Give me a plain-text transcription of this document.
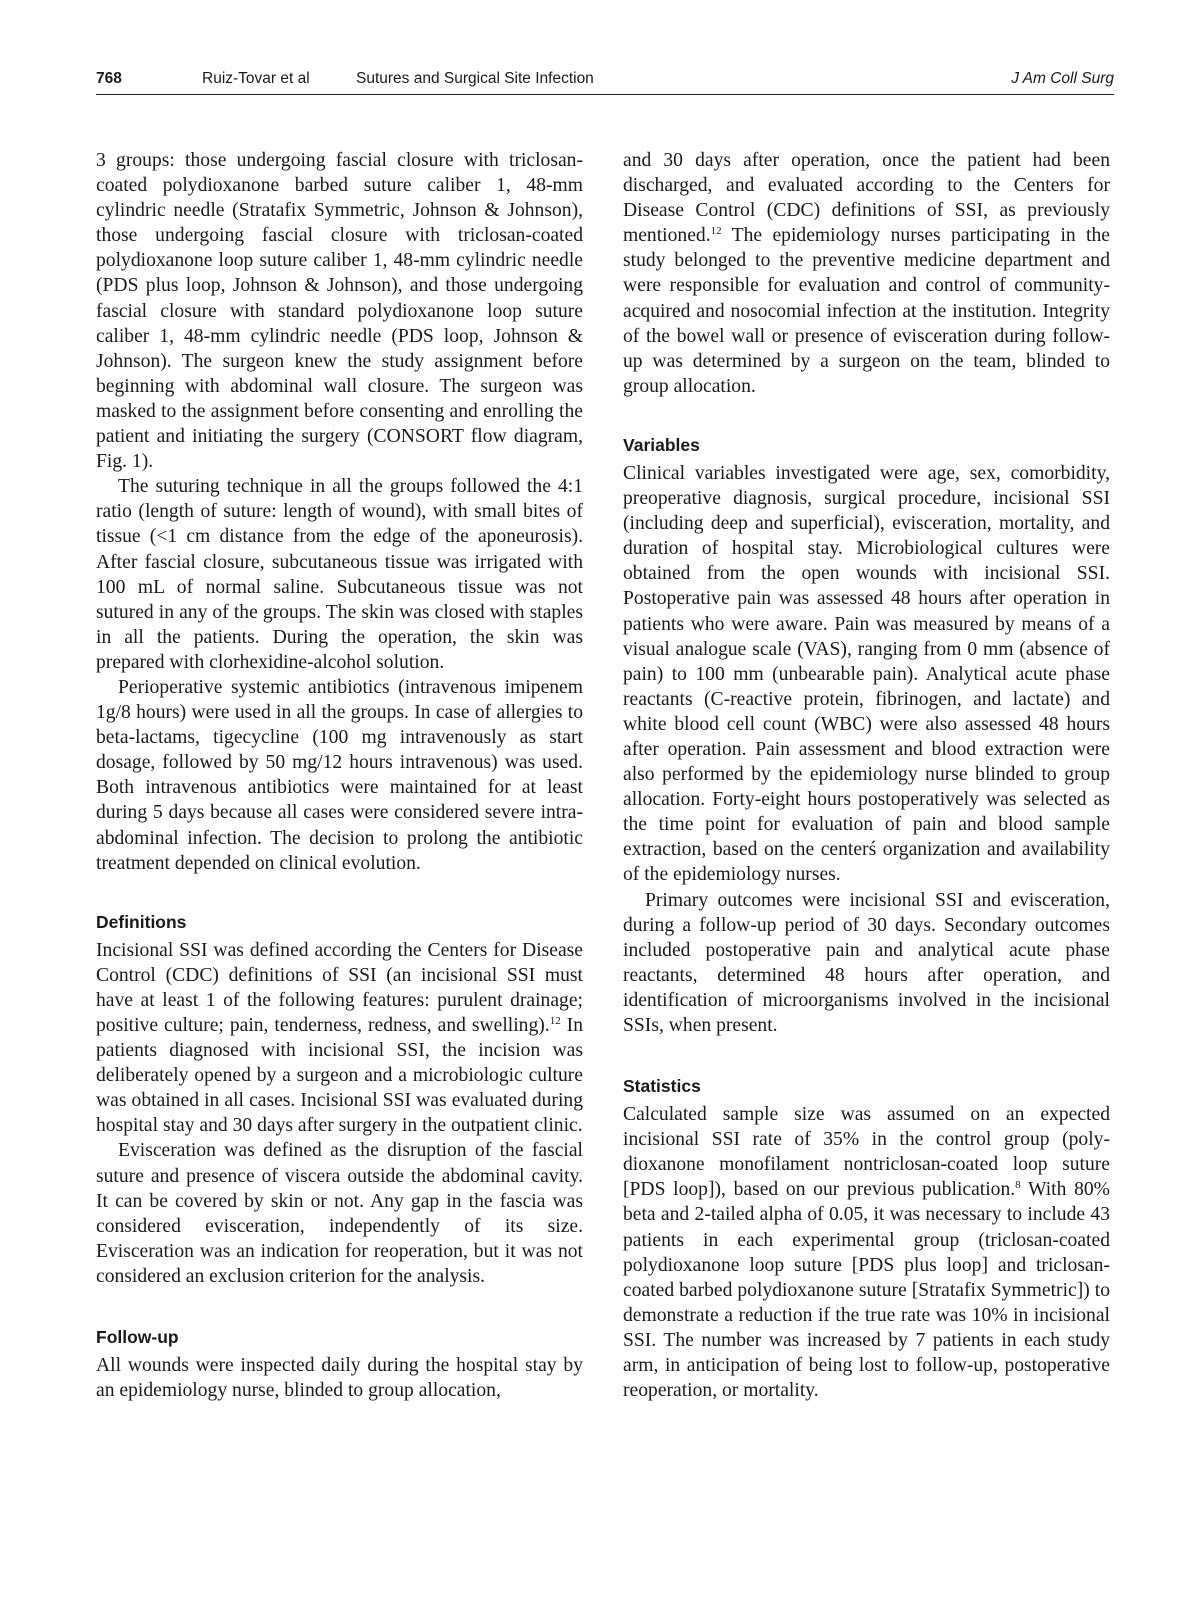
768	Ruiz-Tovar et al	Sutures and Surgical Site Infection	J Am Coll Surg

3 groups: those undergoing fascial closure with triclosan-coated polydioxanone barbed suture caliber 1, 48-mm cylindric needle (Stratafix Symmetric, Johnson & Johnson), those undergoing fascial closure with triclosan-coated polydioxanone loop suture caliber 1, 48-mm cylindric needle (PDS plus loop, Johnson & Johnson), and those undergoing fascial closure with standard polydioxanone loop suture caliber 1, 48-mm cylindric needle (PDS loop, Johnson & Johnson). The surgeon knew the study assignment before beginning with abdominal wall closure. The surgeon was masked to the assignment before consenting and enrolling the patient and initiating the surgery (CONSORT flow diagram, Fig. 1).

The suturing technique in all the groups followed the 4:1 ratio (length of suture: length of wound), with small bites of tissue (<1 cm distance from the edge of the aponeurosis). After fascial closure, subcutaneous tissue was irrigated with 100 mL of normal saline. Subcutaneous tissue was not sutured in any of the groups. The skin was closed with staples in all the patients. During the operation, the skin was prepared with clorhexidine-alcohol solution.

Perioperative systemic antibiotics (intravenous imipenem 1g/8 hours) were used in all the groups. In case of allergies to beta-lactams, tigecycline (100 mg intravenously as start dosage, followed by 50 mg/12 hours intravenous) was used. Both intravenous antibiotics were maintained for at least during 5 days because all cases were considered severe intra-abdominal infection. The decision to prolong the antibiotic treatment depended on clinical evolution.

Definitions

Incisional SSI was defined according the Centers for Disease Control (CDC) definitions of SSI (an incisional SSI must have at least 1 of the following features: purulent drainage; positive culture; pain, tenderness, redness, and swelling).$^{12}$ In patients diagnosed with incisional SSI, the incision was deliberately opened by a surgeon and a microbiologic culture was obtained in all cases. Incisional SSI was evaluated during hospital stay and 30 days after surgery in the outpatient clinic.

Evisceration was defined as the disruption of the fascial suture and presence of viscera outside the abdominal cavity. It can be covered by skin or not. Any gap in the fascia was considered evisceration, independently of its size. Evisceration was an indication for reoperation, but it was not considered an exclusion criterion for the analysis.

Follow-up

All wounds were inspected daily during the hospital stay by an epidemiology nurse, blinded to group allocation,

and 30 days after operation, once the patient had been discharged, and evaluated according to the Centers for Disease Control (CDC) definitions of SSI, as previously mentioned.$^{12}$ The epidemiology nurses participating in the study belonged to the preventive medicine department and were responsible for evaluation and control of community-acquired and nosocomial infection at the institution. Integrity of the bowel wall or presence of evisceration during follow-up was determined by a surgeon on the team, blinded to group allocation.

Variables

Clinical variables investigated were age, sex, comorbidity, preoperative diagnosis, surgical procedure, incisional SSI (including deep and superficial), evisceration, mortality, and duration of hospital stay. Microbiological cultures were obtained from the open wounds with incisional SSI. Postoperative pain was assessed 48 hours after operation in patients who were aware. Pain was measured by means of a visual analogue scale (VAS), ranging from 0 mm (absence of pain) to 100 mm (unbearable pain). Analytical acute phase reactants (C-reactive protein, fibrinogen, and lactate) and white blood cell count (WBC) were also assessed 48 hours after operation. Pain assessment and blood extraction were also performed by the epidemiology nurse blinded to group allocation. Forty-eight hours postoperatively was selected as the time point for evaluation of pain and blood sample extraction, based on the centerś organization and availability of the epidemiology nurses.

Primary outcomes were incisional SSI and evisceration, during a follow-up period of 30 days. Secondary outcomes included postoperative pain and analytical acute phase reactants, determined 48 hours after operation, and identification of microorganisms involved in the incisional SSIs, when present.

Statistics

Calculated sample size was assumed on an expected incisional SSI rate of 35% in the control group (polydioxanone monofilament nontriclosan-coated loop suture [PDS loop]), based on our previous publication.$^8$ With 80% beta and 2-tailed alpha of 0.05, it was necessary to include 43 patients in each experimental group (triclosan-coated polydioxanone loop suture [PDS plus loop] and triclosan-coated barbed polydioxanone suture [Stratafix Symmetric]) to demonstrate a reduction if the true rate was 10% in incisional SSI. The number was increased by 7 patients in each study arm, in anticipation of being lost to follow-up, postoperative reoperation, or mortality.
